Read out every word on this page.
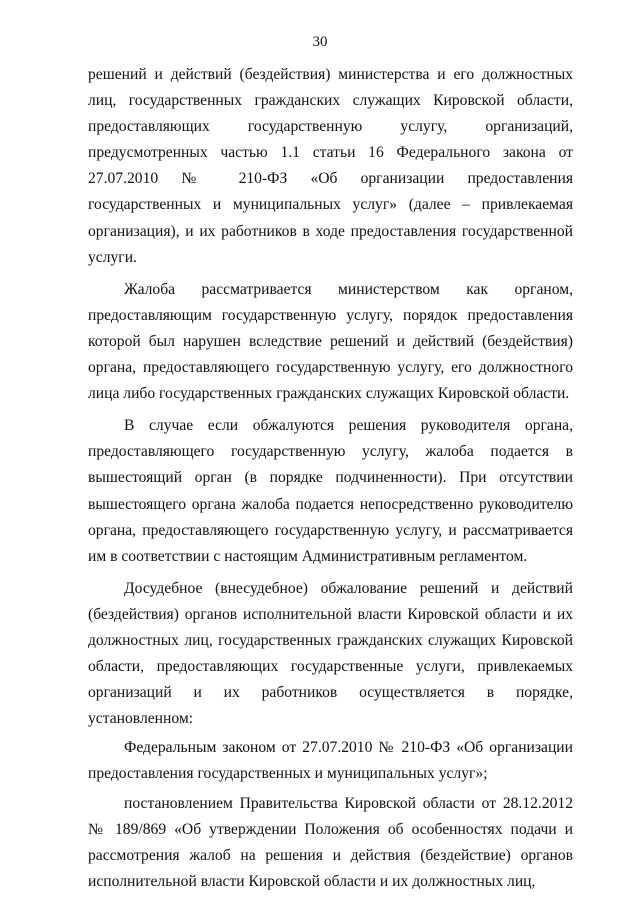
30

решений и действий (бездействия) министерства и его должностных лиц, государственных гражданских служащих Кировской области, предоставляющих государственную услугу, организаций, предусмотренных частью 1.1 статьи 16 Федерального закона от 27.07.2010 № 210-ФЗ «Об организации предоставления государственных и муниципальных услуг» (далее – привлекаемая организация), и их работников в ходе предоставления государственной услуги.

Жалоба рассматривается министерством как органом, предоставляющим государственную услугу, порядок предоставления которой был нарушен вследствие решений и действий (бездействия) органа, предоставляющего государственную услугу, его должностного лица либо государственных гражданских служащих Кировской области.

В случае если обжалуются решения руководителя органа, предоставляющего государственную услугу, жалоба подается в вышестоящий орган (в порядке подчиненности). При отсутствии вышестоящего органа жалоба подается непосредственно руководителю органа, предоставляющего государственную услугу, и рассматривается им в соответствии с настоящим Административным регламентом.

Досудебное (внесудебное) обжалование решений и действий (бездействия) органов исполнительной власти Кировской области и их должностных лиц, государственных гражданских служащих Кировской области, предоставляющих государственные услуги, привлекаемых организаций и их работников осуществляется в порядке, установленном:

Федеральным законом от 27.07.2010 № 210-ФЗ «Об организации предоставления государственных и муниципальных услуг»;

постановлением Правительства Кировской области от 28.12.2012 № 189/869 «Об утверждении Положения об особенностях подачи и рассмотрения жалоб на решения и действия (бездействие) органов исполнительной власти Кировской области и их должностных лиц,
